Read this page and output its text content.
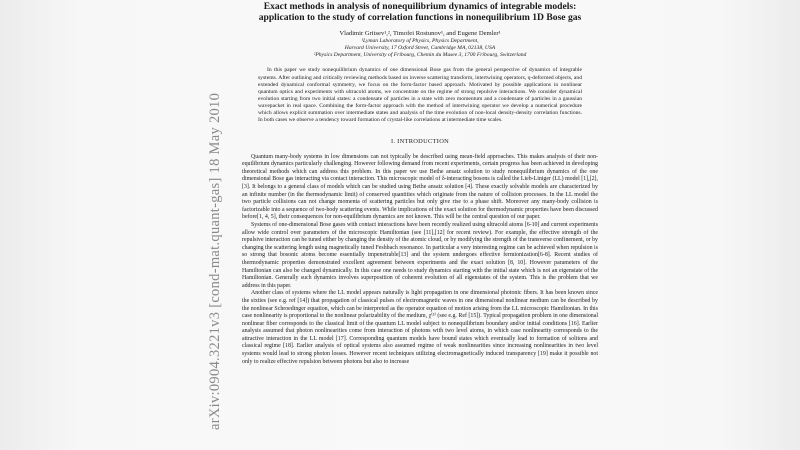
arXiv:0904.3221v3 [cond-mat.quant-gas] 18 May 2010
Exact methods in analysis of nonequilibrium dynamics of integrable models:
application to the study of correlation functions in nonequilibrium 1D Bose gas
Vladimir Gritsev¹,², Timofei Rostunov¹, and Eugene Demler¹
¹Lyman Laboratory of Physics, Physics Department,
Harvard University, 17 Oxford Street, Cambridge MA, 02138, USA
²Physics Department, University of Fribourg, Chemin du Musee 3, 1700 Fribourg, Switzerland
In this paper we study nonequilibrium dynamics of one dimensional Bose gas from the general perspective of dynamics of integrable systems. After outlining and critically reviewing methods based on inverse scattering transform, intertwining operators, q-deformed objects, and extended dynamical conformal symmetry, we focus on the form-factor based approach. Motivated by possible applications in nonlinear quantum optics and experiments with ultracold atoms, we concentrate on the regime of strong repulsive interactions. We consider dynamical evolution starting from two initial states: a condensate of particles in a state with zero momentum and a condensate of particles in a gaussian wavepacket in real space. Combining the form-factor approach with the method of intertwining operator we develop a numerical procedure which allows explicit summation over intermediate states and analysis of the time evolution of non-local density-density correlation functions. In both cases we observe a tendency toward formation of crystal-like correlations at intermediate time scales.
I. INTRODUCTION

Quantum many-body systems in low dimensions can not typically be described using mean-field approaches. This makes analysis of their non-equilibrium dynamics particularly challenging. However following demand from recent experiments, certain progress has been achieved in developing theoretical methods which can address this problem. In this paper we use Bethe ansatz solution to study nonequilibrium dynamics of the one dimensional Bose gas interacting via contact interaction. This microscopic model of δ-interacting bosons is called the Lieb-Liniger (LL) model [1],[2],[3]. It belongs to a general class of models which can be studied using Bethe ansatz solution [4]. These exactly solvable models are characterized by an infinite number (in the thermodynamic limit) of conserved quantities which originate from the nature of collision processes. In the LL model the two particle collisions can not change momenta of scattering particles but only give rise to a phase shift. Moreover any many-body collision is factorizable into a sequence of two-body scattering events. While implications of the exact solution for thermodynamic properties have been discussed before[1, 4, 5], their consequences for non-equilibrium dynamics are not known. This will be the central question of our paper.

Systems of one-dimensional Bose gases with contact interactions have been recently realized using ultracold atoms [6-10] and current experiments allow wide control over parameters of the microscopic Hamiltonian (see [11],[12] for recent review). For example, the effective strength of the repulsive interaction can be tuned either by changing the density of the atomic cloud, or by modifying the strength of the transverse confinement, or by changing the scattering length using magnetically tuned Feshbach resonance. In particular a very interesting regime can be achieved when repulsion is so strong that bosonic atoms become essentially impenetrable[13] and the system undergoes effective fermionization[6-8]. Recent studies of thermodynamic properties demonstrated excellent agreement between experiments and the exact solution [8, 10]. However parameters of the Hamiltonian can also be changed dynamically. In this case one needs to study dynamics starting with the initial state which is not an eigenstate of the Hamiltonian. Generally such dynamics involves superposition of coherent evolution of all eigenstates of the system. This is the problem that we address in this paper.

Another class of systems where the LL model appears naturally is light propagation in one dimensional photonic fibers. It has been known since the sixties (see e.g. ref [14]) that propagation of classical pulses of electromagnetic waves in one dimensional nonlinear medium can be described by the nonlinear Schroedinger equation, which can be interpreted as the operator equation of motion arising from the LL microscopic Hamiltonian. In this case nonlinearity is proportional to the nonlinear polarizability of the medium, χ⁽³⁾ (see e.g. Ref [15]). Typical propagation problem in one dimensional nonlinear fiber corresponds to the classical limit of the quantum LL model subject to nonequilibrium boundary and/or initial conditions [16]. Earlier analysis assumed that photon nonlinearities come from interaction of photons with two level atoms, in which case nonlinearity corresponds to the attractive interaction in the LL model [17]. Corresponding quantum models have bound states which eventually lead to formation of solitons and classical regime [18]. Earlier analysis of optical systems also assumed regime of weak nonlinearities since increasing nonlinearities in two level systems would lead to strong photon losses. However recent techniques utilizing electromagnetically induced transparency [19] make it possible not only to realize effective repulsion between photons but also to increase
